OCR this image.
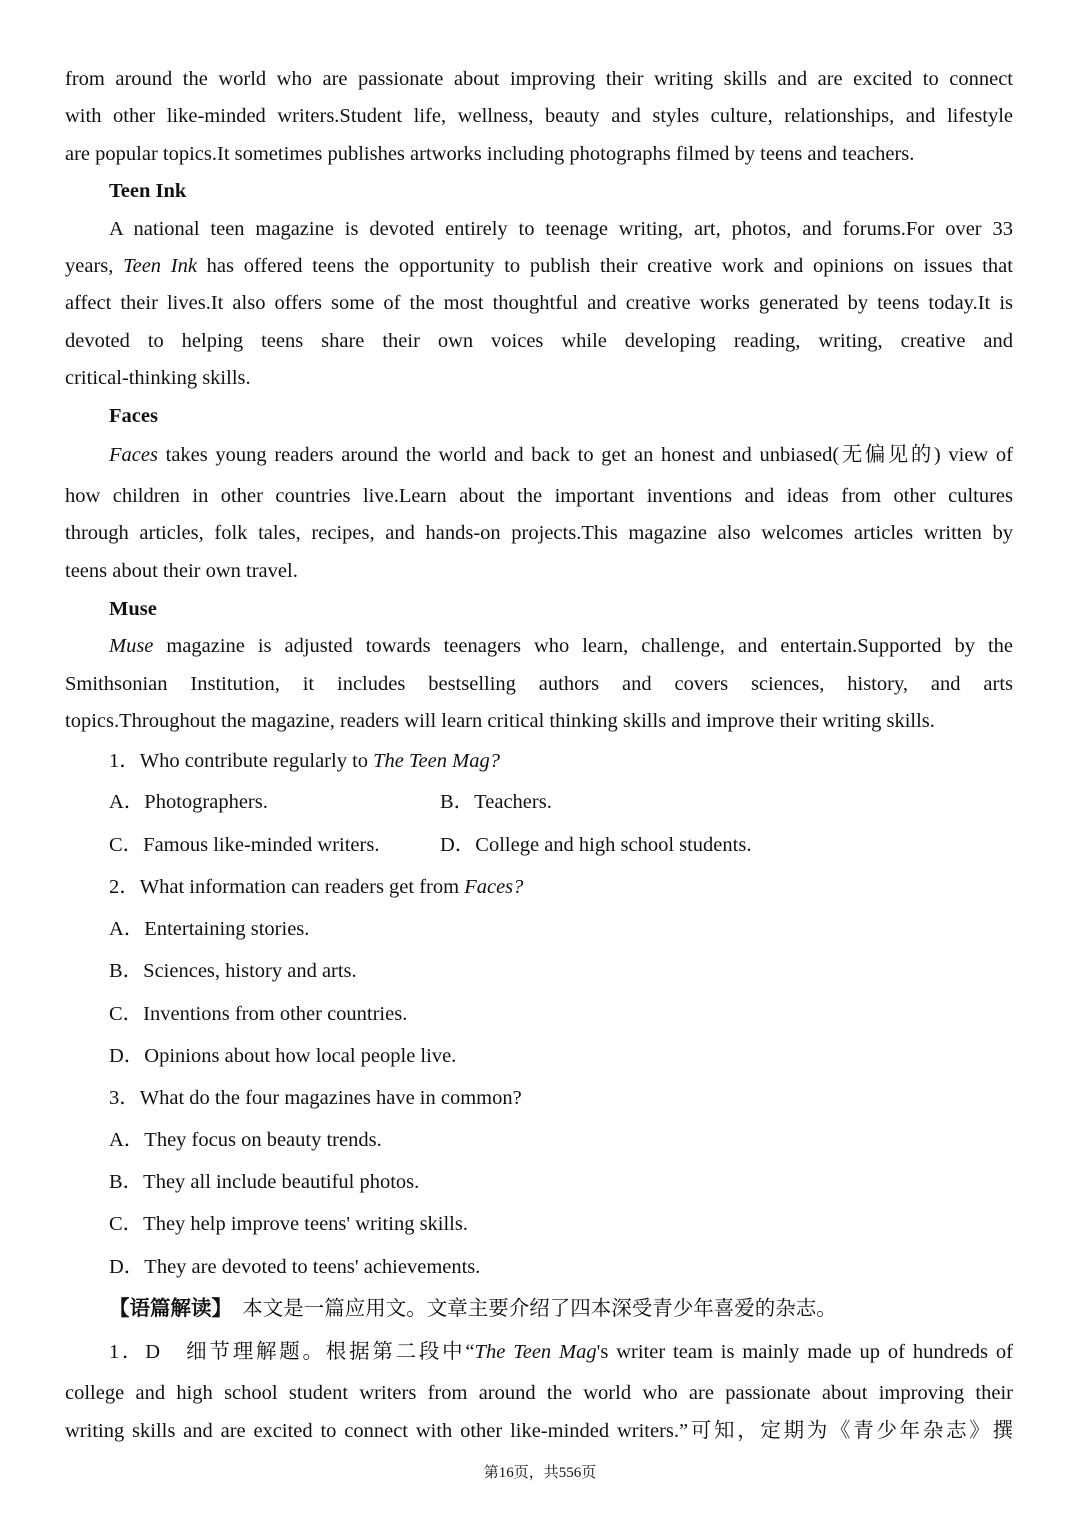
from around the world who are passionate about improving their writing skills and are excited to connect
with other like-minded writers.Student life, wellness, beauty and styles culture, relationships, and lifestyle
are popular topics.It sometimes publishes artworks including photographs filmed by teens and teachers.
Teen Ink
A national teen magazine is devoted entirely to teenage writing, art, photos, and forums.For over 33
years, Teen Ink has offered teens the opportunity to publish their creative work and opinions on issues that
affect their lives.It also offers some of the most thoughtful and creative works generated by teens today.It is
devoted to helping teens share their own voices while developing reading, writing, creative and
critical-thinking skills.
Faces
Faces takes young readers around the world and back to get an honest and unbiased(无偏见的) view of
how children in other countries live.Learn about the important inventions and ideas from other cultures
through articles, folk tales, recipes, and hands-on projects.This magazine also welcomes articles written by
teens about their own travel.
Muse
Muse magazine is adjusted towards teenagers who learn, challenge, and entertain.Supported by the
Smithsonian Institution, it includes bestselling authors and covers sciences, history, and arts
topics.Throughout the magazine, readers will learn critical thinking skills and improve their writing skills.
1．Who contribute regularly to The Teen Mag?
A．Photographers.	B．Teachers.
C．Famous like-minded writers.	D．College and high school students.
2．What information can readers get from Faces?
A．Entertaining stories.
B．Sciences, history and arts.
C．Inventions from other countries.
D．Opinions about how local people live.
3．What do the four magazines have in common?
A．They focus on beauty trends.
B．They all include beautiful photos.
C．They help improve teens' writing skills.
D．They are devoted to teens' achievements.
【语篇解读】　本文是一篇应用文。文章主要介绍了四本深受青少年喜爱的杂志。
1．D　细节理解题。根据第二段中“The Teen Mag's writer team is mainly made up of hundreds of
college and high school student writers from around the world who are passionate about improving their
writing skills and are excited to connect with other like-minded writers.”可知，定期为《青少年杂志》撰
第16页，共556页
